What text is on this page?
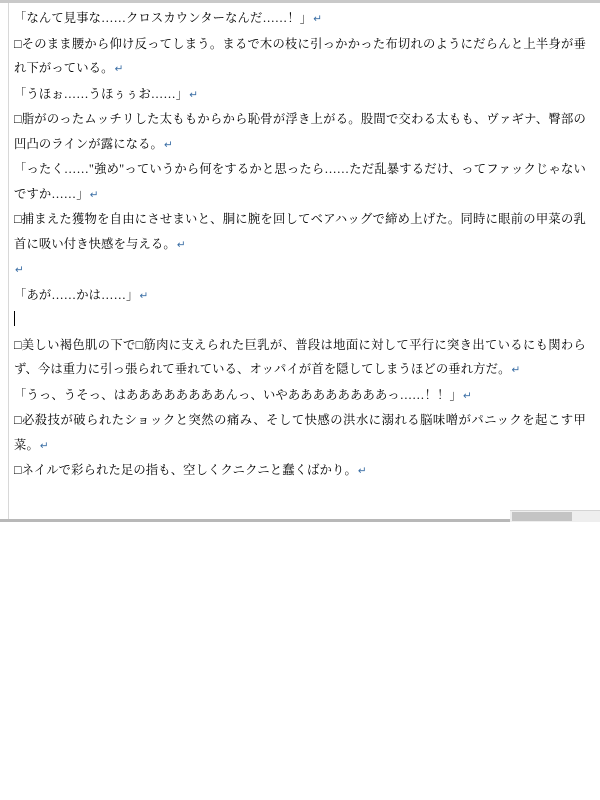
「なんて見事な……クロスカウンターなんだ……！」↵

□そのまま腰から仰け反ってしまう。まるで木の枝に引っかかった布切れのようにだらんと上半身が垂れ下がっている。↵

「うほぉ……うほぅぅお……」↵

□脂がのったムッチリした太ももからから恥骨が浮き上がる。股間で交わる太もも、ヴァギナ、臀部の凹凸のラインが露になる。↵

「ったく……"強め"っていうから何をするかと思ったら……ただ乱暴するだけ、ってファックじゃないですか……」↵

□捕まえた獲物を自由にさせまいと、胴に腕を回してベアハッグで締め上げた。同時に眼前の甲菜の乳首に吸い付き快感を与える。↵

↵

「あが……かは……」↵

□美しい褐色肌の下で□筋肉に支えられた巨乳が、普段は地面に対して平行に突き出ているにも関わらず、今は重力に引っ張られて垂れている、オッパイが首を隠してしまうほどの垂れ方だ。↵

「うっ、うそっ、はああああああああんっ、いやああああああああっ……！！」↵

□必殺技が破られたショックと突然の痛み、そして快感の洪水に溺れる脳味噌がパニックを起こす甲菜。↵

□ネイルで彩られた足の指も、空しくクニクニと蠢くばかり。↵
